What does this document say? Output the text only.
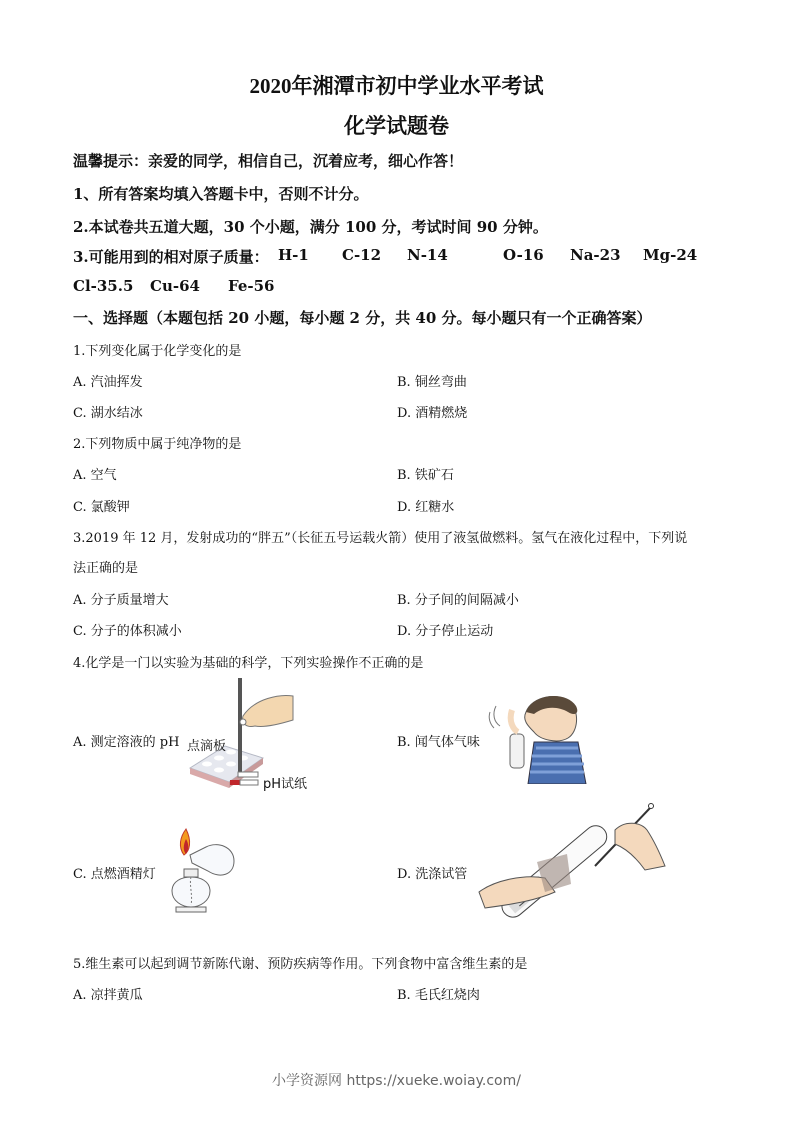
2020年湘潭市初中学业水平考试
化学试题卷
温馨提示：亲爱的同学，相信自己，沉着应考，细心作答！
1、所有答案均填入答题卡中，否则不计分。
2.本试卷共五道大题，30 个小题，满分 100 分，考试时间 90 分钟。
3.可能用到的相对原子质量： H-1 C-12 N-14	O-16 Na-23 Mg-24
Cl-35.5 Cu-64 Fe-56
一、选择题（本题包括 20 小题，每小题 2 分，共 40 分。每小题只有一个正确答案）
1.下列变化属于化学变化的是
A. 汽油挥发	B. 铜丝弯曲
C. 湖水结冰	D. 酒精燃烧
2.下列物质中属于纯净物的是
A. 空气	B. 铁矿石
C. 氯酸钾	D. 红糖水
3.2019 年 12 月，发射成功的“胖五”（长征五号运载火箭）使用了液氢做燃料。氢气在液化过程中，下列说
法正确的是
A. 分子质量增大	B. 分子间的间隔减小
C. 分子的体积减小	D. 分子停止运动
4.化学是一门以实验为基础的科学，下列实验操作不正确的是
A. 测定溶液的 pH 点滴板
pH试纸
B. 闻气体气味
C. 点燃酒精灯	D. 洗涤试管
5.维生素可以起到调节新陈代谢、预防疾病等作用。下列食物中富含维生素的是
A. 凉拌黄瓜	B. 毛氏红烧肉
小学资源网 https://xueke.woiay.com/
